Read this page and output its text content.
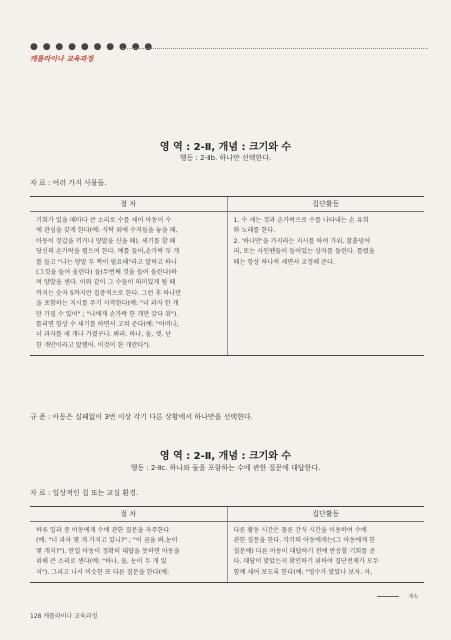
● ● ● ● ● ● ● ● ● ●
캐롤라이나 교육과정
영 역 : 2-Ⅱ, 개념 : 크기와 수
행동 : 2-Ⅱb. 하나만 선택한다.
자 료 : 여러 가지 사물들.
절 차	집단활동
기회가 있을 때마다 큰 소리로 수를 세어 아동이 수
에 관심을 갖게 한다(예: 식탁 위에 수저들을 놓을 때,
아동이 장갑을 끼거나 양말을 신을 때). 세기를 할 때
당신의 손가락을 펼으며 한다. 예를 들어,손가락 두 개
를 들고 "나는 양말 두 짝이 필요해"라고 말하고 하나
(그것을 들어 올린다) 둘(두번째 것을 들어 올린다)하
며 양말을 센다. 이와 같이 그 수들이 의미있게 될 때
까지는 숫자 5까지만 집중적으로 한다. 그런 후 하나만
을 포함하는 지시를 주기 시작한다(예: "너 과자 한 개
만 가질 수 있어" ; "나에게 손가락 한 개만 갖다 줘").
틀리면 항상 수 세기를 하면서 고쳐 준다(예: "어머나,
너 과자를 세 개나 가졌구나. 봐라. 하나, 둘, 셋. 난
한 개만이라고 말했어. 이것이 한 개란다").
1. 수 세는 것과 손가락으로 수를 나타내는 손 유희
와 노래를 한다.
2. '하나만'을 가지라는 지시를 하며 가위, 찰흙덩어
리, 또는 사인펜들이 들어있는 상자를 돌린다. 틀렸을
때는 항상 하나씩 세면서 교정해 준다.
규 준 : 아동은 실패없이 3번 이상 각기 다른 상황에서 하나만을 선택한다.
영 역 : 2-Ⅱ, 개념 : 크기와 수
행동 : 2-Ⅱc. 하나와 둘을 포함하는 수에 관한 질문에 대답한다.
자 료 : 일상적인 집 또는 교실 환경.
절 차	집단활동
하루 일과 중 아동에게 수에 관한 질문을 자주한다
(예: "너 과자 몇 개 가지고 있니?" ; "이 곰을 봐,눈이
몇 개지?"). 만일 아동이 정확히 대답을 못하면 아동을
위해 큰 소리로 센다(예: "하나, 둘, 눈이 두 개 있
지"). 그리고 나서 비슷한 또 다른 질문을 한다(예:
다른 활동 시간은 물론 간식 시간을 이용하여 수에
관한 질문을 한다. 각각의 아동에게는(그 아동에게 한
질문에) 다른 아동이 대답하기 전에 반응할 기회를 준
다. 대답이 맞았는지 확인하기 위하여 집단전체가 모두
함께 세어 보도록 한다(예: "영수가 맞았나 보자. 자,
계속
128 캐롤라이나 교육과정
